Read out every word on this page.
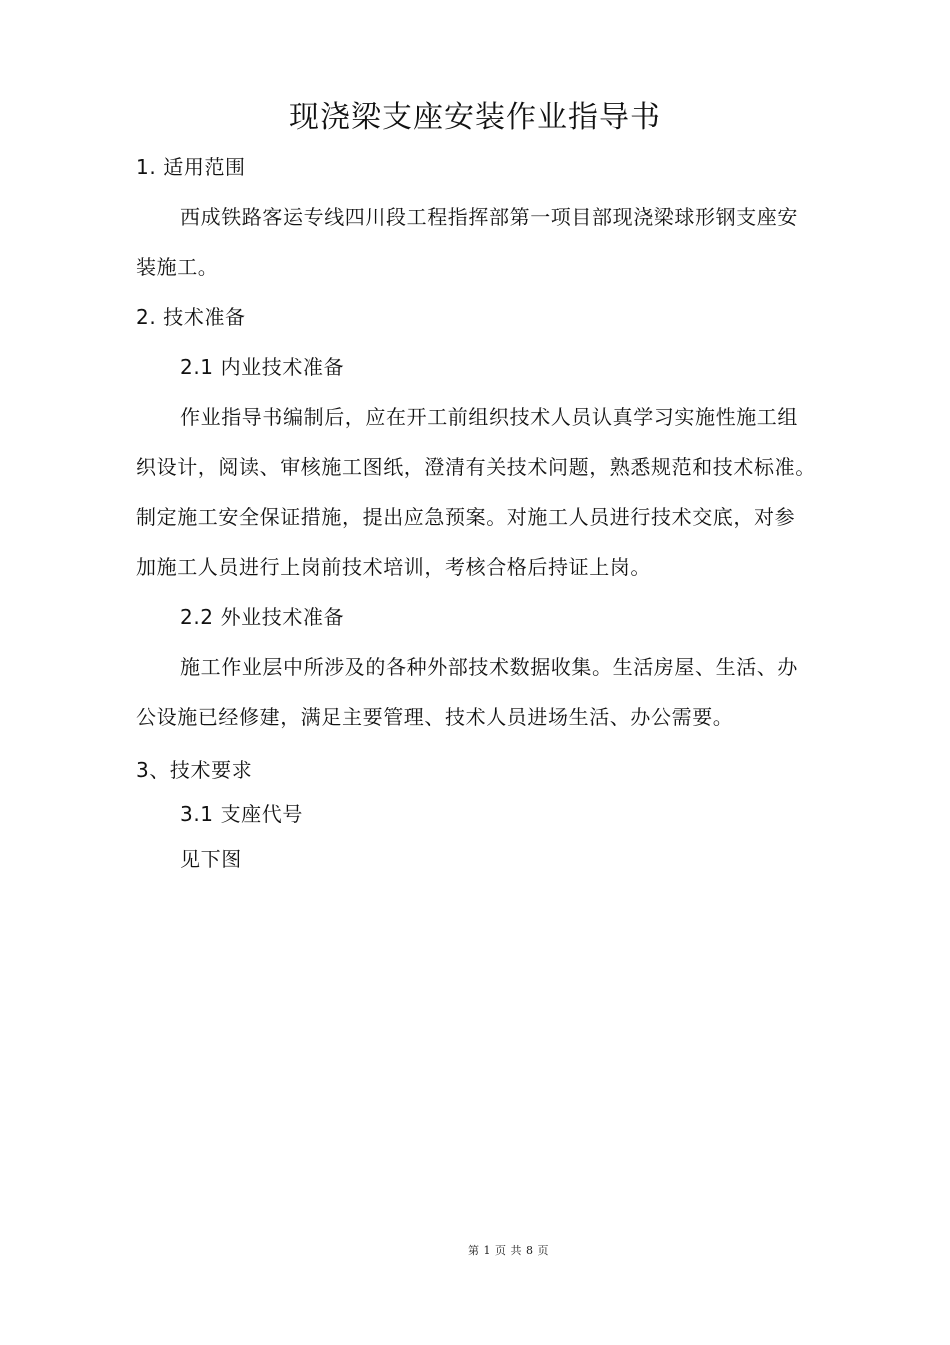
现浇梁支座安装作业指导书
1. 适用范围
西成铁路客运专线四川段工程指挥部第一项目部现浇梁球形钢支座安
装施工。
2. 技术准备
2.1 内业技术准备
作业指导书编制后，应在开工前组织技术人员认真学习实施性施工组
织设计，阅读、审核施工图纸，澄清有关技术问题，熟悉规范和技术标准。
制定施工安全保证措施，提出应急预案。对施工人员进行技术交底，对参
加施工人员进行上岗前技术培训，考核合格后持证上岗。
2.2 外业技术准备
施工作业层中所涉及的各种外部技术数据收集。生活房屋、生活、办
公设施已经修建，满足主要管理、技术人员进场生活、办公需要。
3、技术要求
3.1 支座代号
见下图
第 1 页 共 8 页
